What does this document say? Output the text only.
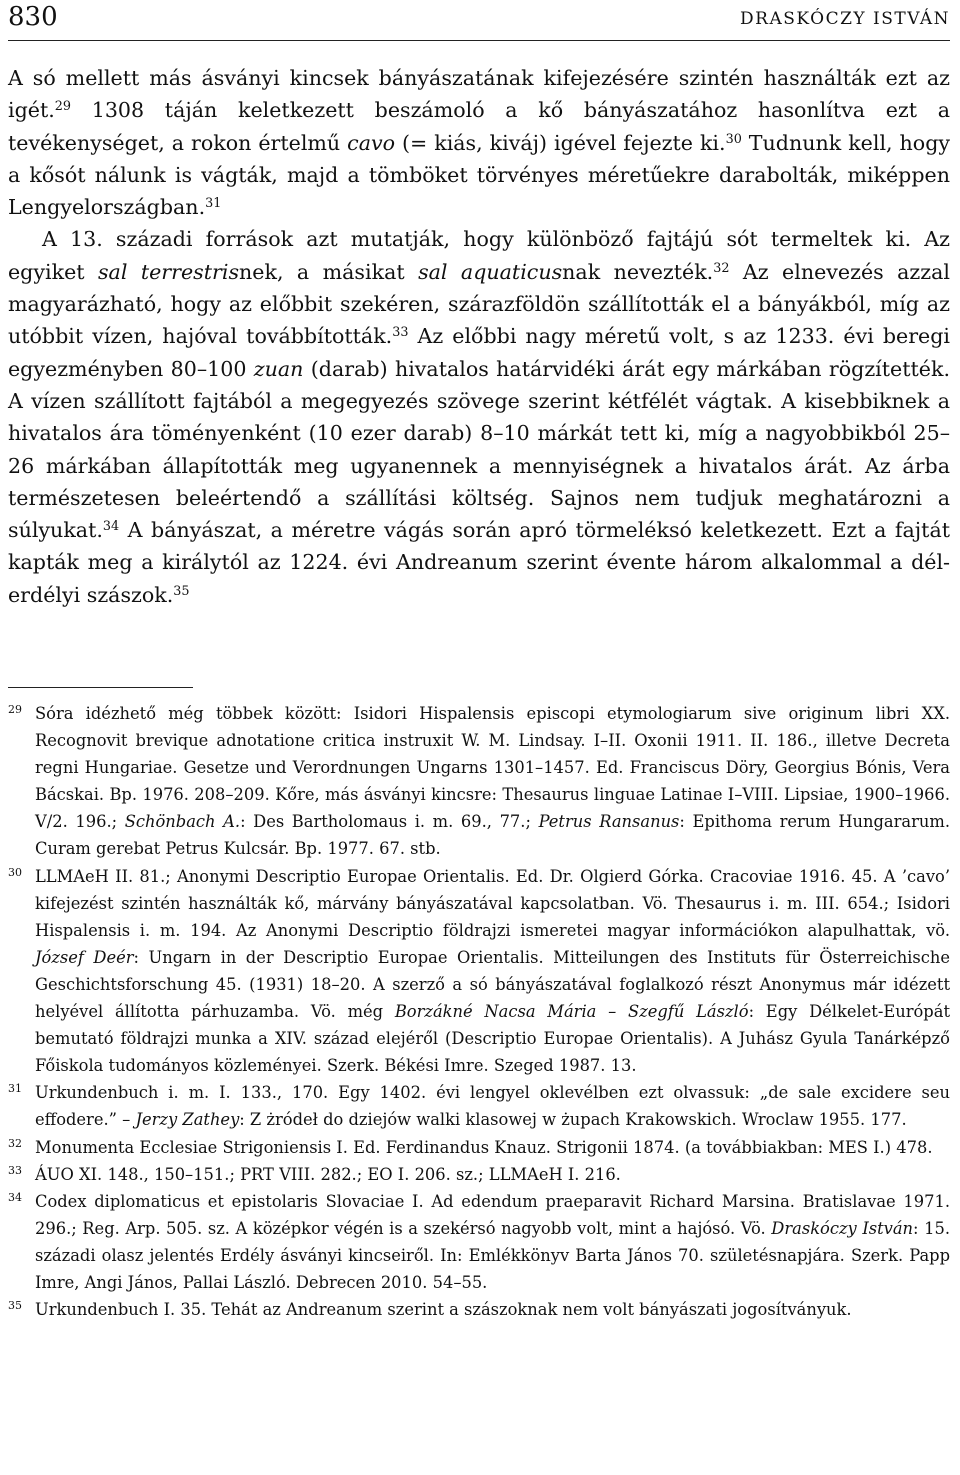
830	DRASKÓCZY ISTVÁN

A só mellett más ásványi kincsek bányászatának kifejezésére szintén használták ezt az igét.$^{29}$ 1308 táján keletkezett beszámoló a kő bányászatához hasonlítva ezt a tevékenységet, a rokon értelmű cavo (= kiás, kiváj) igével fejezte ki.$^{30}$ Tudnunk kell, hogy a kősót nálunk is vágták, majd a tömböket törvényes méretűekre darabolták, miképpen Lengyelországban.$^{31}$

A 13. századi források azt mutatják, hogy különböző fajtájú sót termeltek ki. Az egyiket sal terrestrisnek, a másikat sal aquaticusnak nevezték.$^{32}$ Az elnevezés azzal magyarázható, hogy az előbbit szekéren, szárazföldön szállították el a bányákból, míg az utóbbit vízen, hajóval továbbították.$^{33}$ Az előbbi nagy méretű volt, s az 1233. évi beregi egyezményben 80–100 zuan (darab) hivatalos határvidéki árát egy márkában rögzítették. A vízen szállított fajtából a megegyezés szövege szerint kétfélét vágtak. A kisebbiknek a hivatalos ára töményenként (10 ezer darab) 8–10 márkát tett ki, míg a nagyobbikból 25–26 márkában állapították meg ugyanennek a mennyiségnek a hivatalos árát. Az árba természetesen beleértendő a szállítási költség. Sajnos nem tudjuk meghatározni a súlyukat.$^{34}$ A bányászat, a méretre vágás során apró törmeléksó keletkezett. Ezt a fajtát kapták meg a királytól az 1224. évi Andreanum szerint évente három alkalommal a dél-erdélyi szászok.$^{35}$

29 Sóra idézhető még többek között: Isidori Hispalensis episcopi etymologiarum sive originum libri XX. Recognovit brevique adnotatione critica instruxit W. M. Lindsay. I–II. Oxonii 1911. II. 186., illetve Decreta regni Hungariae. Gesetze und Verordnungen Ungarns 1301–1457. Ed. Franciscus Döry, Georgius Bónis, Vera Bácskai. Bp. 1976. 208–209. Kőre, más ásványi kincsre: Thesaurus linguae Latinae I–VIII. Lipsiae, 1900–1966. V/2. 196.; Schönbach A.: Des Bartholomaus i. m. 69., 77.; Petrus Ransanus: Epithoma rerum Hungararum. Curam gerebat Petrus Kulcsár. Bp. 1977. 67. stb.
30 LLMAeH II. 81.; Anonymi Descriptio Europae Orientalis. Ed. Dr. Olgierd Górka. Cracoviae 1916. 45. A ’cavo’ kifejezést szintén használták kő, márvány bányászatával kapcsolatban. Vö. Thesaurus i. m. III. 654.; Isidori Hispalensis i. m. 194. Az Anonymi Descriptio földrajzi ismeretei magyar információkon alapulhattak, vö. József Deér: Ungarn in der Descriptio Europae Orientalis. Mitteilungen des Instituts für Österreichische Geschichtsforschung 45. (1931) 18–20. A szerző a só bányászatával foglalkozó részt Anonymus már idézett helyével állította párhuzamba. Vö. még Borzákné Nacsa Mária – Szegfű László: Egy Délkelet-Európát bemutató földrajzi munka a XIV. század elejéről (Descriptio Europae Orientalis). A Juhász Gyula Tanárképző Főiskola tudományos közleményei. Szerk. Békési Imre. Szeged 1987. 13.
31 Urkundenbuch i. m. I. 133., 170. Egy 1402. évi lengyel oklevélben ezt olvassuk: „de sale excidere seu effodere.” – Jerzy Zathey: Z żródeł do dziejów walki klasowej w żupach Krakowskich. Wroclaw 1955. 177.
32 Monumenta Ecclesiae Strigoniensis I. Ed. Ferdinandus Knauz. Strigonii 1874. (a továbbiakban: MES I.) 478.
33 ÁUO XI. 148., 150–151.; PRT VIII. 282.; EO I. 206. sz.; LLMAeH I. 216.
34 Codex diplomaticus et epistolaris Slovaciae I. Ad edendum praeparavit Richard Marsina. Bratislavae 1971. 296.; Reg. Arp. 505. sz. A középkor végén is a szekérsó nagyobb volt, mint a hajósó. Vö. Draskóczy István: 15. századi olasz jelentés Erdély ásványi kincseiről. In: Emlékkönyv Barta János 70. születésnapjára. Szerk. Papp Imre, Angi János, Pallai László. Debrecen 2010. 54–55.
35 Urkundenbuch I. 35. Tehát az Andreanum szerint a szászoknak nem volt bányászati jogosítványuk.
